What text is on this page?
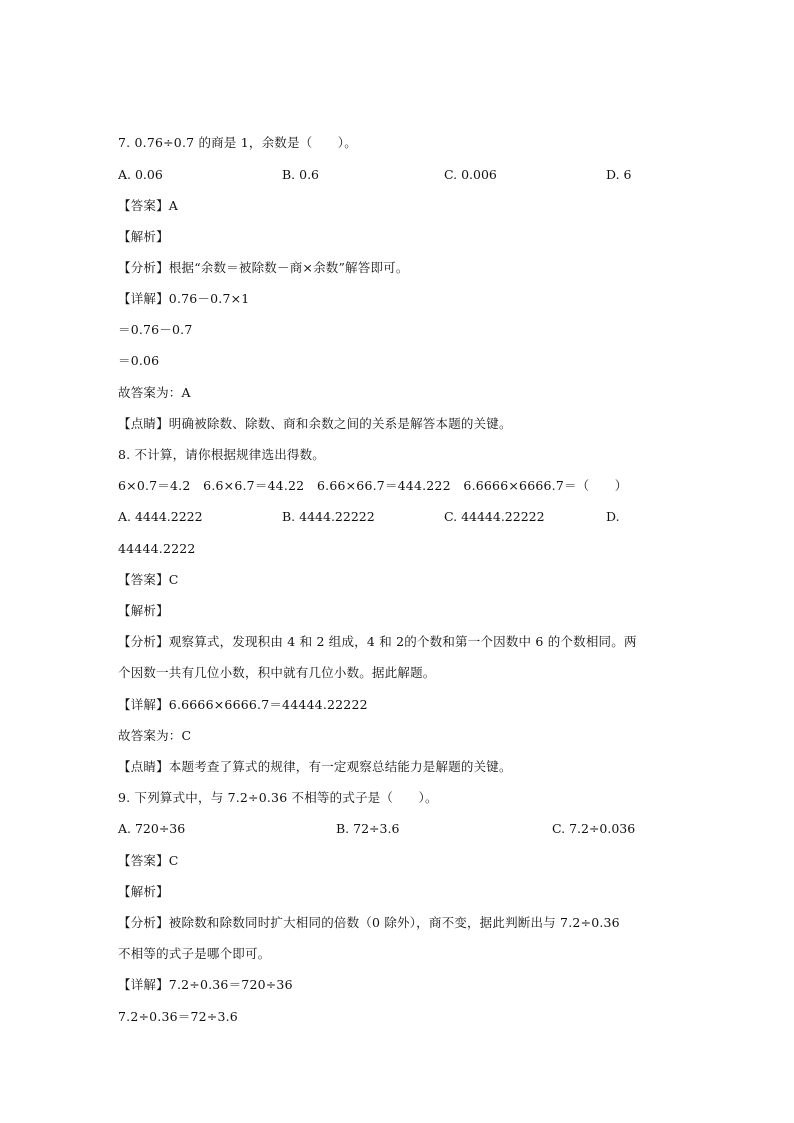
7. 0.76÷0.7 的商是 1，余数是（　　）。
A. 0.06	B. 0.6	C. 0.006	D. 6
【答案】A
【解析】
【分析】根据“余数＝被除数－商×余数”解答即可。
【详解】0.76－0.7×1
＝0.76－0.7
＝0.06
故答案为：A
【点睛】明确被除数、除数、商和余数之间的关系是解答本题的关键。
8. 不计算，请你根据规律选出得数。
6×0.7＝4.2　6.6×6.7＝44.22　6.66×66.7＝444.222　6.6666×6666.7＝（　　）
A. 4444.2222	B. 4444.22222	C. 44444.22222	D.
44444.2222
【答案】C
【解析】
【分析】观察算式，发现积由 4 和 2 组成，4 和 2的个数和第一个因数中 6 的个数相同。两
个因数一共有几位小数，积中就有几位小数。据此解题。
【详解】6.6666×6666.7＝44444.22222
故答案为：C
【点睛】本题考查了算式的规律，有一定观察总结能力是解题的关键。
9. 下列算式中，与 7.2÷0.36 不相等的式子是（　　）。
A. 720÷36	B. 72÷3.6	C. 7.2÷0.036
【答案】C
【解析】
【分析】被除数和除数同时扩大相同的倍数（0 除外），商不变，据此判断出与 7.2÷0.36
不相等的式子是哪个即可。
【详解】7.2÷0.36＝720÷36
7.2÷0.36＝72÷3.6
